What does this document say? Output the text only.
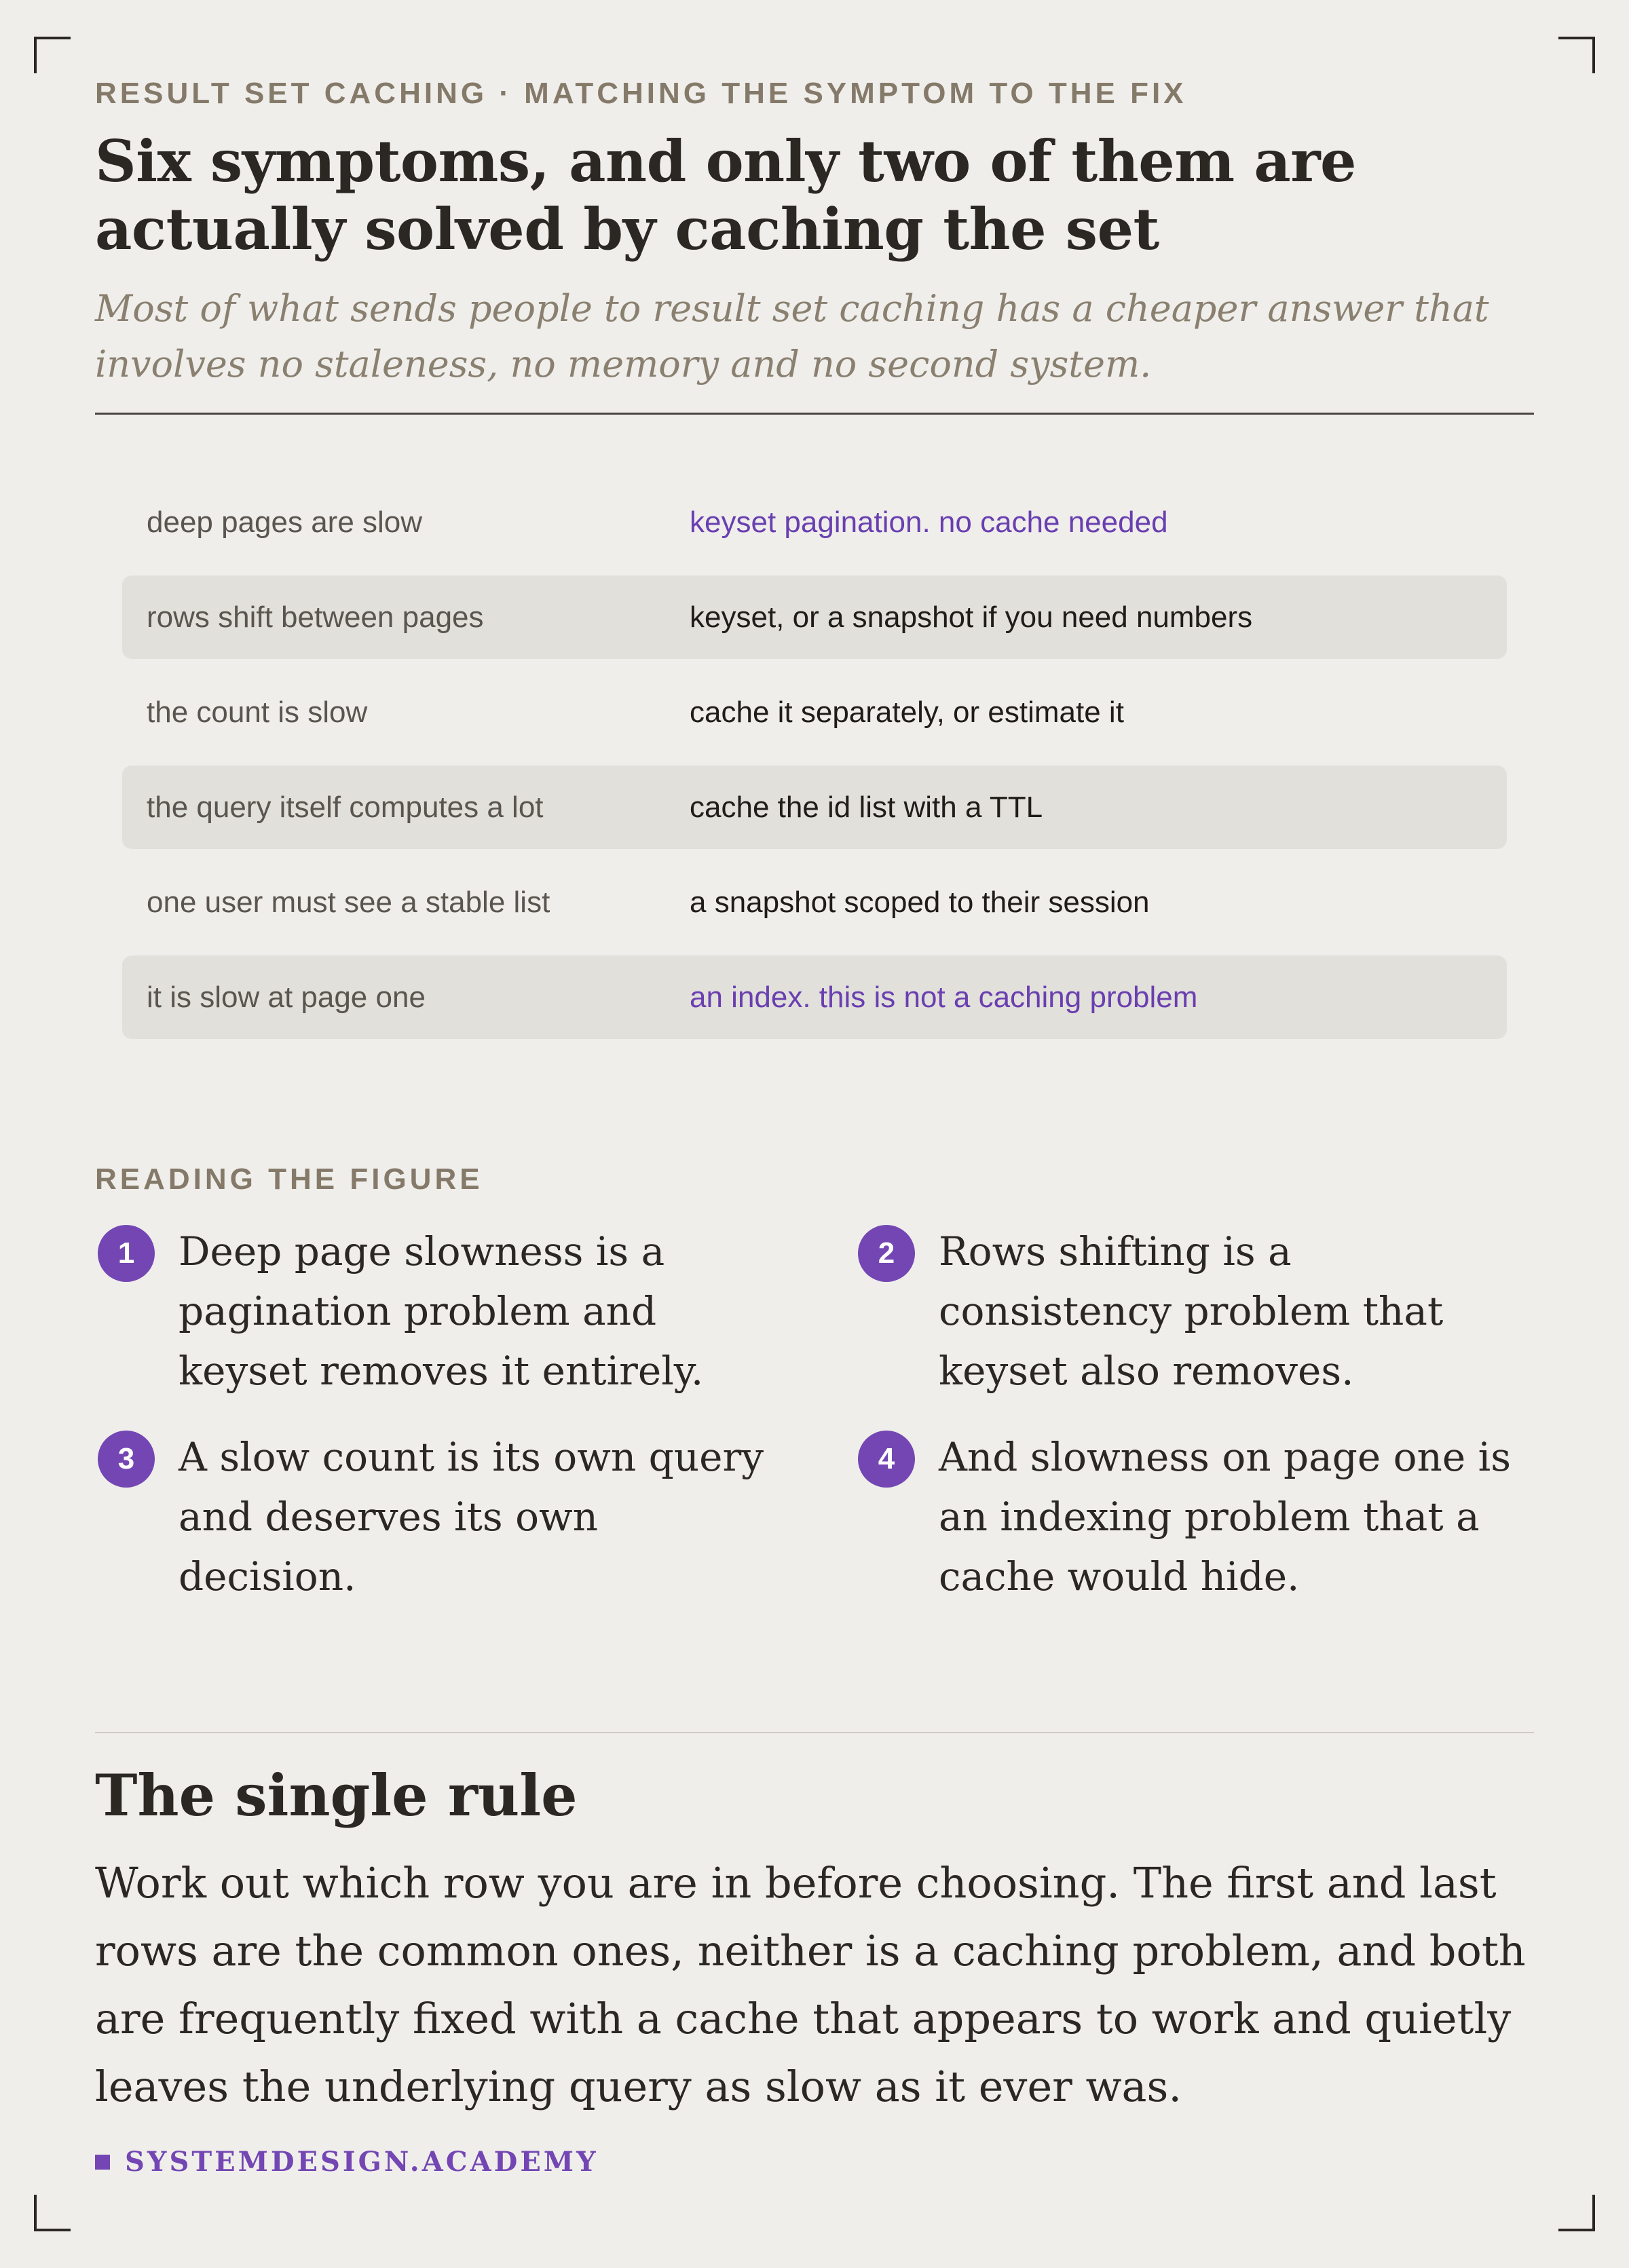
RESULT SET CACHING · MATCHING THE SYMPTOM TO THE FIX
Six symptoms, and only two of them are actually solved by caching the set

Most of what sends people to result set caching has a cheaper answer that involves no staleness, no memory and no second system.

deep pages are slow	keyset pagination. no cache needed
rows shift between pages	keyset, or a snapshot if you need numbers
the count is slow	cache it separately, or estimate it
the query itself computes a lot	cache the id list with a TTL
one user must see a stable list	a snapshot scoped to their session
it is slow at page one	an index. this is not a caching problem
READING THE FIGURE
1	Deep page slowness is a pagination problem and keyset removes it entirely.
2	Rows shifting is a consistency problem that keyset also removes.
3	A slow count is its own query and deserves its own decision.
4	And slowness on page one is an indexing problem that a cache would hide.
The single rule

Work out which row you are in before choosing. The first and last rows are the common ones, neither is a caching problem, and both are frequently fixed with a cache that appears to work and quietly leaves the underlying query as slow as it ever was.

SYSTEMDESIGN.ACADEMY
